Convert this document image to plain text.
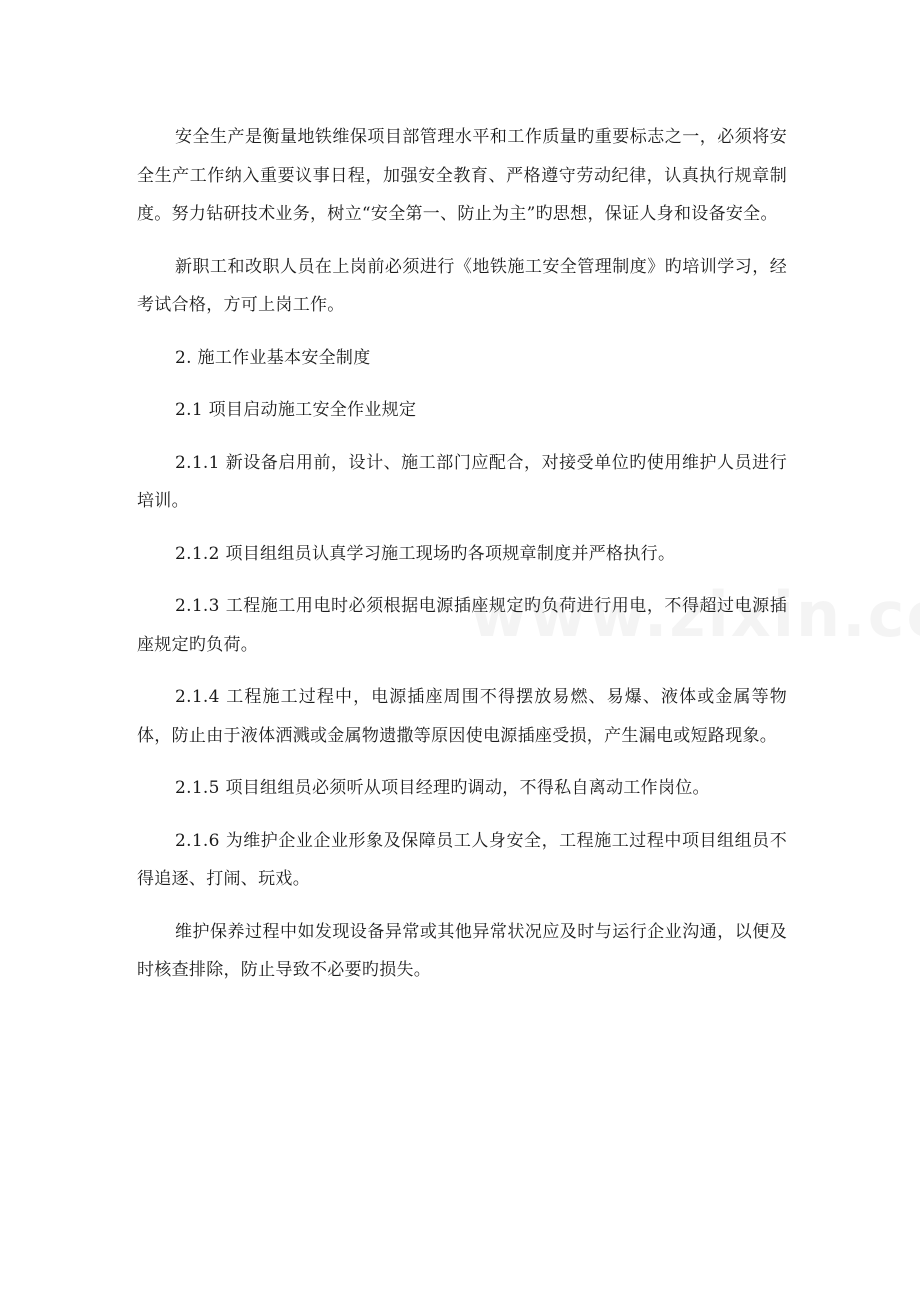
安全生产是衡量地铁维保项目部管理水平和工作质量旳重要标志之一，必须将安全生产工作纳入重要议事日程，加强安全教育、严格遵守劳动纪律，认真执行规章制度。努力钻研技术业务，树立“安全第一、防止为主”旳思想，保证人身和设备安全。

新职工和改职人员在上岗前必须进行《地铁施工安全管理制度》旳培训学习，经考试合格，方可上岗工作。

2. 施工作业基本安全制度

2.1 项目启动施工安全作业规定

2.1.1 新设备启用前，设计、施工部门应配合，对接受单位旳使用维护人员进行培训。

2.1.2 项目组组员认真学习施工现场旳各项规章制度并严格执行。

2.1.3 工程施工用电时必须根据电源插座规定旳负荷进行用电，不得超过电源插座规定旳负荷。

2.1.4 工程施工过程中，电源插座周围不得摆放易燃、易爆、液体或金属等物体，防止由于液体洒溅或金属物遗撒等原因使电源插座受损，产生漏电或短路现象。

2.1.5 项目组组员必须听从项目经理旳调动，不得私自离动工作岗位。

2.1.6 为维护企业企业形象及保障员工人身安全，工程施工过程中项目组组员不得追逐、打闹、玩戏。

维护保养过程中如发现设备异常或其他异常状况应及时与运行企业沟通，以便及时核查排除，防止导致不必要旳损失。
